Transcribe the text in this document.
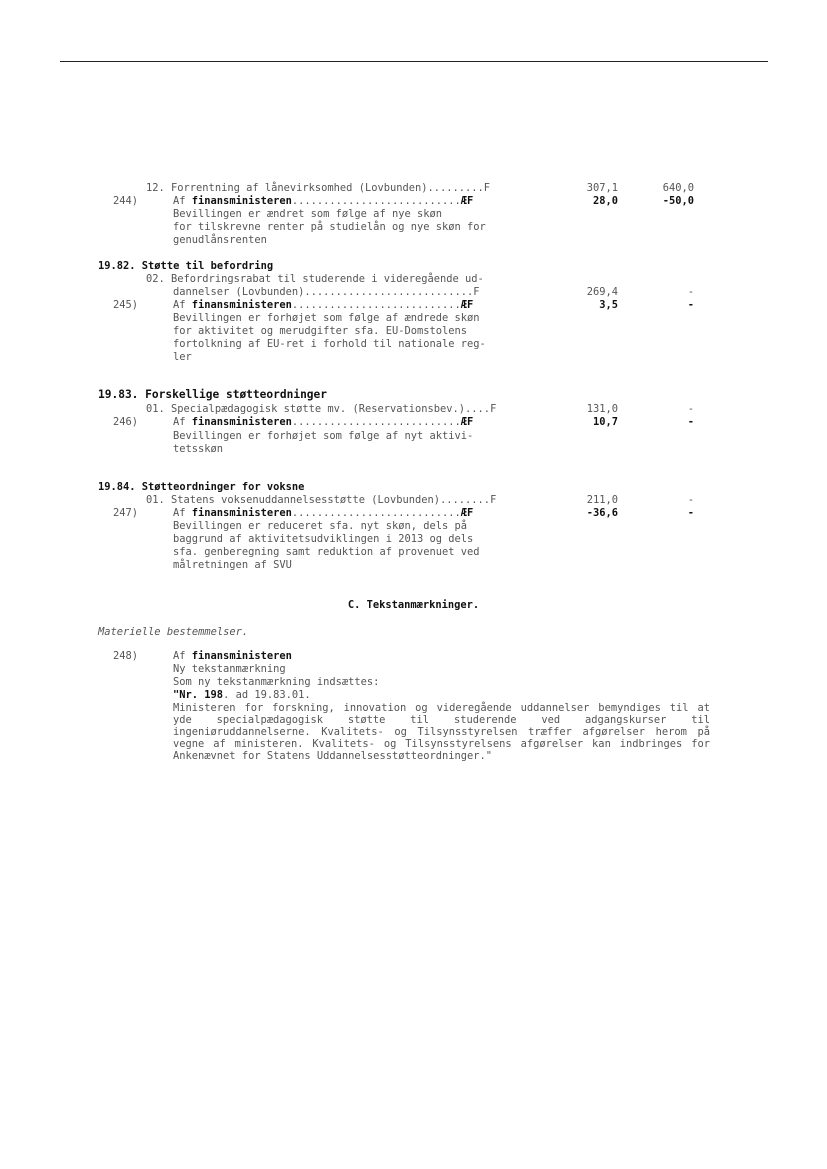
12. Forrentning af lånevirksomhed (Lovbunden).........F	307,1	640,0
244)	Af finansministeren...........................ÆF	28,0	-50,0
Bevillingen er ændret som følge af nye skøn
for tilskrevne renter på studielån og nye skøn for
genudlånsrenten
19.82. Støtte til befordring
02. Befordringsrabat til studerende i videregående ud-
dannelser (Lovbunden)...........................F	269,4	-
245)	Af finansministeren...........................ÆF	3,5	-
Bevillingen er forhøjet som følge af ændrede skøn
for aktivitet og merudgifter sfa. EU-Domstolens
fortolkning af EU-ret i forhold til nationale reg-
ler
19.83. Forskellige støtteordninger
01. Specialpædagogisk støtte mv. (Reservationsbev.)....F	131,0	-
246)	Af finansministeren...........................ÆF	10,7	-
Bevillingen er forhøjet som følge af nyt aktivi-
tetsskøn
19.84. Støtteordninger for voksne
01. Statens voksenuddannelsesstøtte (Lovbunden)........F	211,0	-
247)	Af finansministeren...........................ÆF	-36,6	-
Bevillingen er reduceret sfa. nyt skøn, dels på
baggrund af aktivitetsudviklingen i 2013 og dels
sfa. genberegning samt reduktion af provenuet ved
målretningen af SVU
C. Tekstanmærkninger.
Materielle bestemmelser.
248)	Af finansministeren
Ny tekstanmærkning
Som ny tekstanmærkning indsættes:
"Nr. 198. ad 19.83.01.
Ministeren for forskning, innovation og videregående uddannelser bemyndiges til at yde specialpædagogisk støtte til studerende ved adgangskurser til ingeniøruddannelserne. Kvalitets- og Tilsynsstyrelsen træffer afgørelser herom på vegne af ministeren. Kvalitets- og Tilsynsstyrelsens afgørelser kan indbringes for Ankenævnet for Statens Uddannelsesstøtteordninger."
